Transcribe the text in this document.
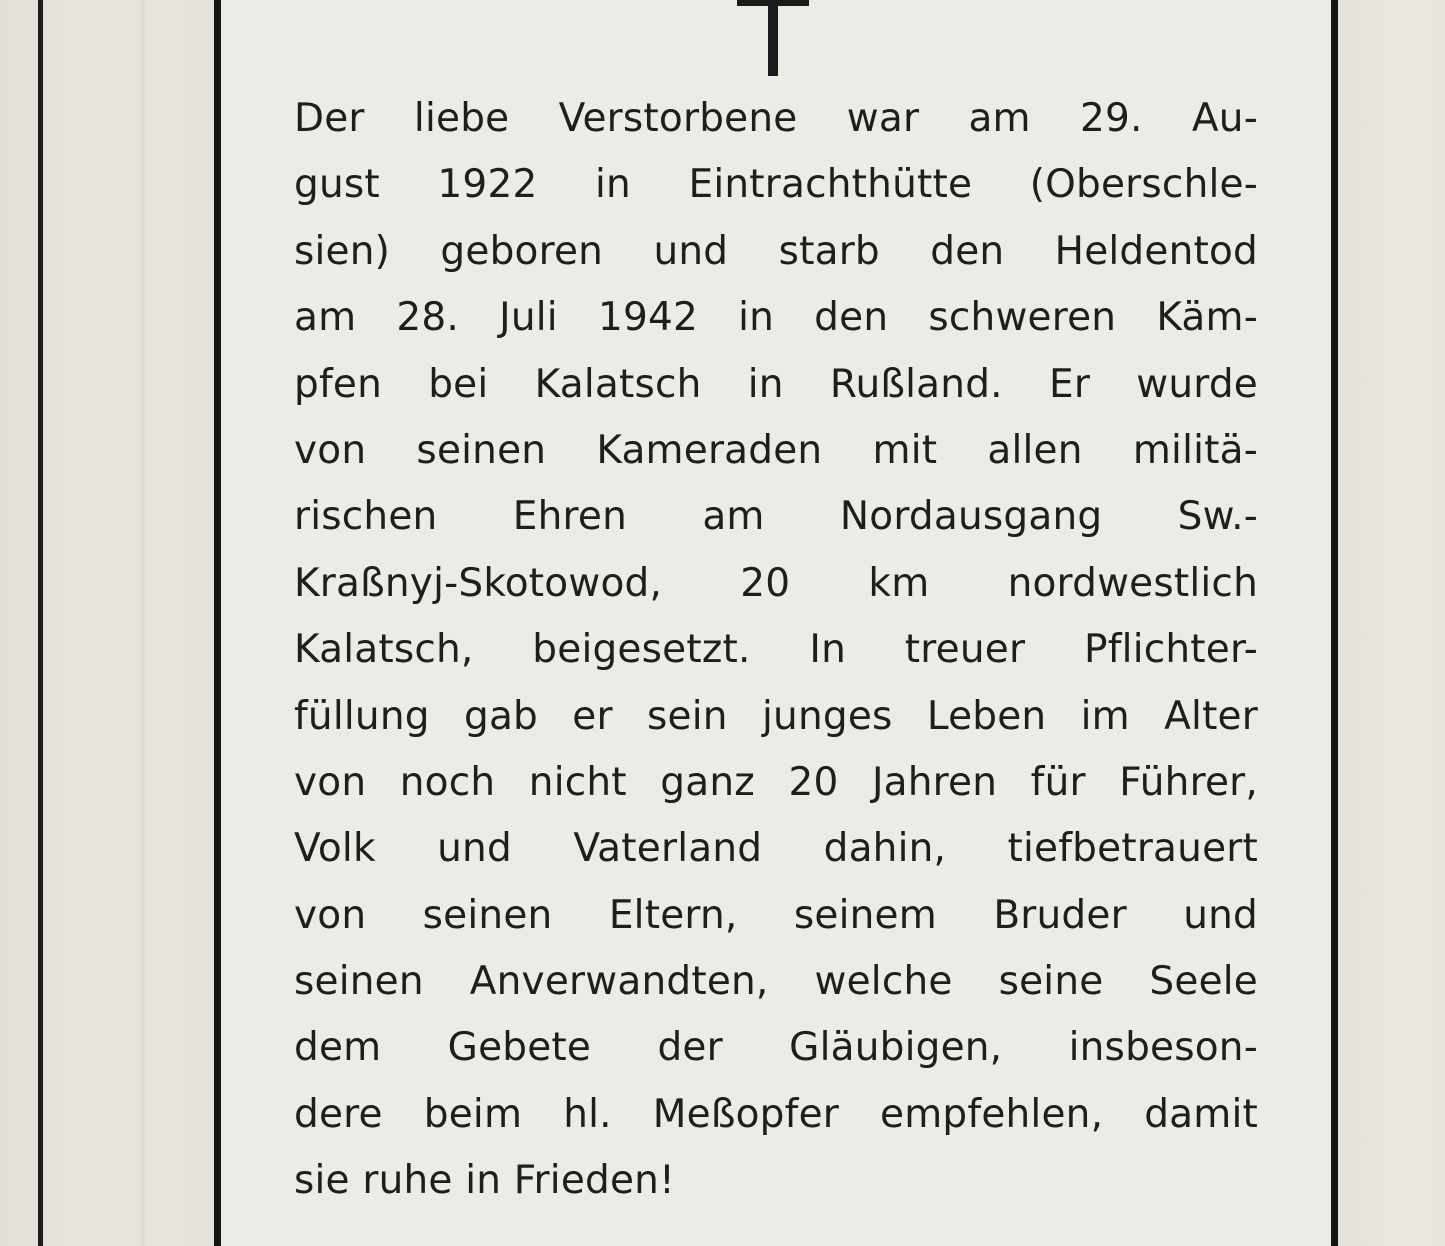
Der liebe Verstorbene war am 29. Au-
gust 1922 in Eintrachthütte (Oberschle-
sien) geboren und starb den Heldentod
am 28. Juli 1942 in den schweren Käm-
pfen bei Kalatsch in Rußland. Er wurde
von seinen Kameraden mit allen militä-
rischen Ehren am Nordausgang Sw.-
Kraßnyj-Skotowod, 20 km nordwestlich
Kalatsch, beigesetzt. In treuer Pflichter-
füllung gab er sein junges Leben im Alter
von noch nicht ganz 20 Jahren für Führer,
Volk und Vaterland dahin, tiefbetrauert
von seinen Eltern, seinem Bruder und
seinen Anverwandten, welche seine Seele
dem Gebete der Gläubigen, insbeson-
dere beim hl. Meßopfer empfehlen, damit
sie ruhe in Frieden!
